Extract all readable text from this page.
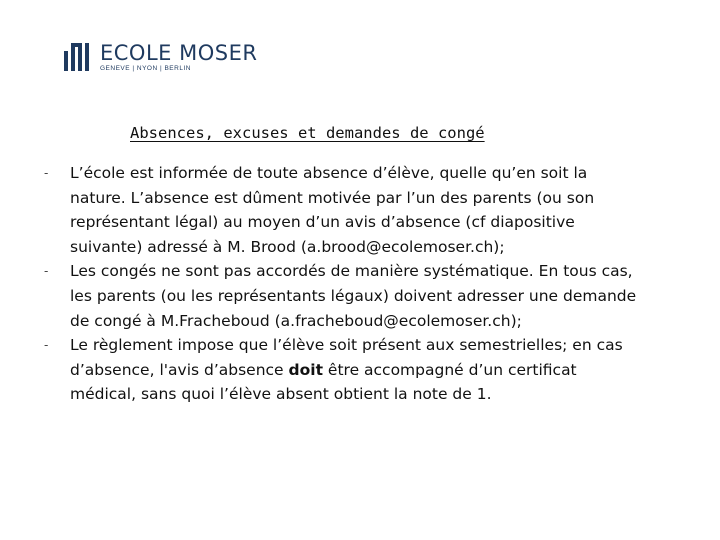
ECOLE MOSER
GENEVE | NYON | BERLIN
Absences, excuses et demandes de congé
-	L’école est informée de toute absence d’élève, quelle qu’en soit la nature. L’absence est dûment motivée par l’un des parents (ou son représentant légal) au moyen d’un avis d’absence (cf diapositive suivante) adressé à M. Brood (a.brood@ecolemoser.ch);
-	Les congés ne sont pas accordés de manière systématique. En tous cas, les parents (ou les représentants légaux) doivent adresser une demande de congé à M.Fracheboud (a.fracheboud@ecolemoser.ch);
-	Le règlement impose que l’élève soit présent aux semestrielles; en cas d’absence, l'avis d’absence doit être accompagné d’un certificat médical, sans quoi l’élève absent obtient la note de 1.
